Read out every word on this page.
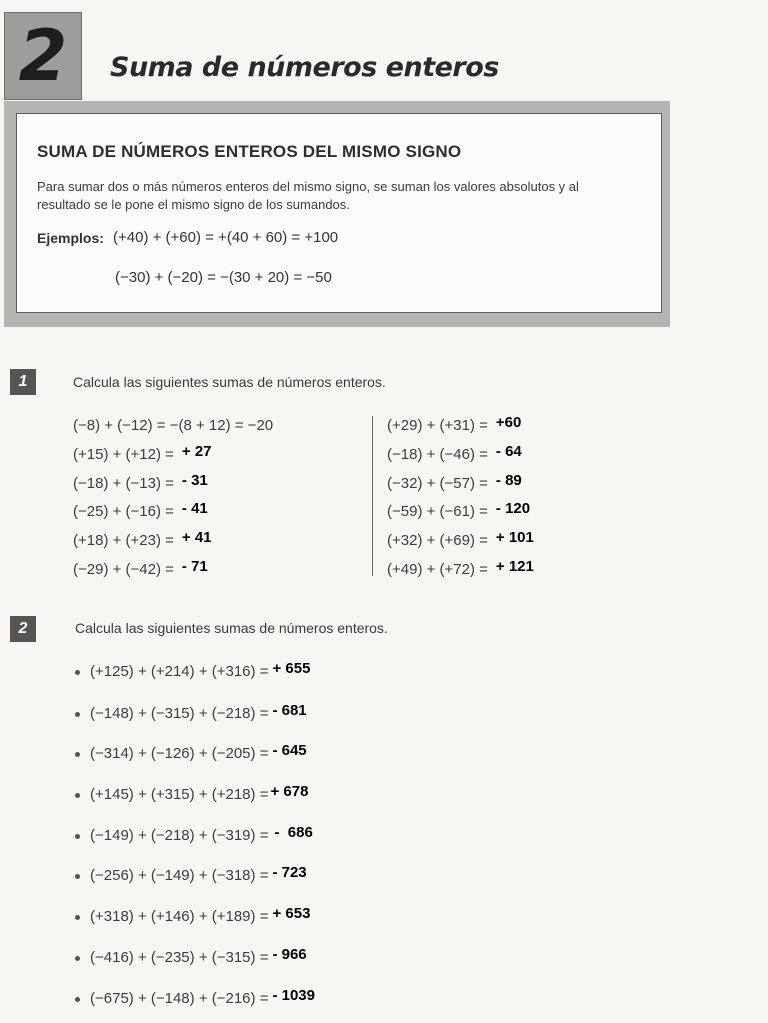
2	Suma de números enteros
SUMA DE NÚMEROS ENTEROS DEL MISMO SIGNO
Para sumar dos o más números enteros del mismo signo, se suman los valores absolutos y al resultado se le pone el mismo signo de los sumandos.
Ejemplos: (+40) + (+60) = +(40 + 60) = +100
(−30) + (−20) = −(30 + 20) = −50
1	Calcula las siguientes sumas de números enteros.
(−8) + (−12) = −(8 + 12) = −20
(+15) + (+12) = + 27
(−18) + (−13) = - 31
(−25) + (−16) = - 41
(+18) + (+23) = + 41
(−29) + (−42) = - 71
(+29) + (+31) = +60
(−18) + (−46) = - 64
(−32) + (−57) = - 89
(−59) + (−61) = - 120
(+32) + (+69) = + 101
(+49) + (+72) = + 121
2	Calcula las siguientes sumas de números enteros.
(+125) + (+214) + (+316) = + 655
(−148) + (−315) + (−218) = - 681
(−314) + (−126) + (−205) = - 645
(+145) + (+315) + (+218) = + 678
(−149) + (−218) + (−319) = -  686
(−256) + (−149) + (−318) = - 723
(+318) + (+146) + (+189) = + 653
(−416) + (−235) + (−315) = - 966
(−675) + (−148) + (−216) = - 1039
